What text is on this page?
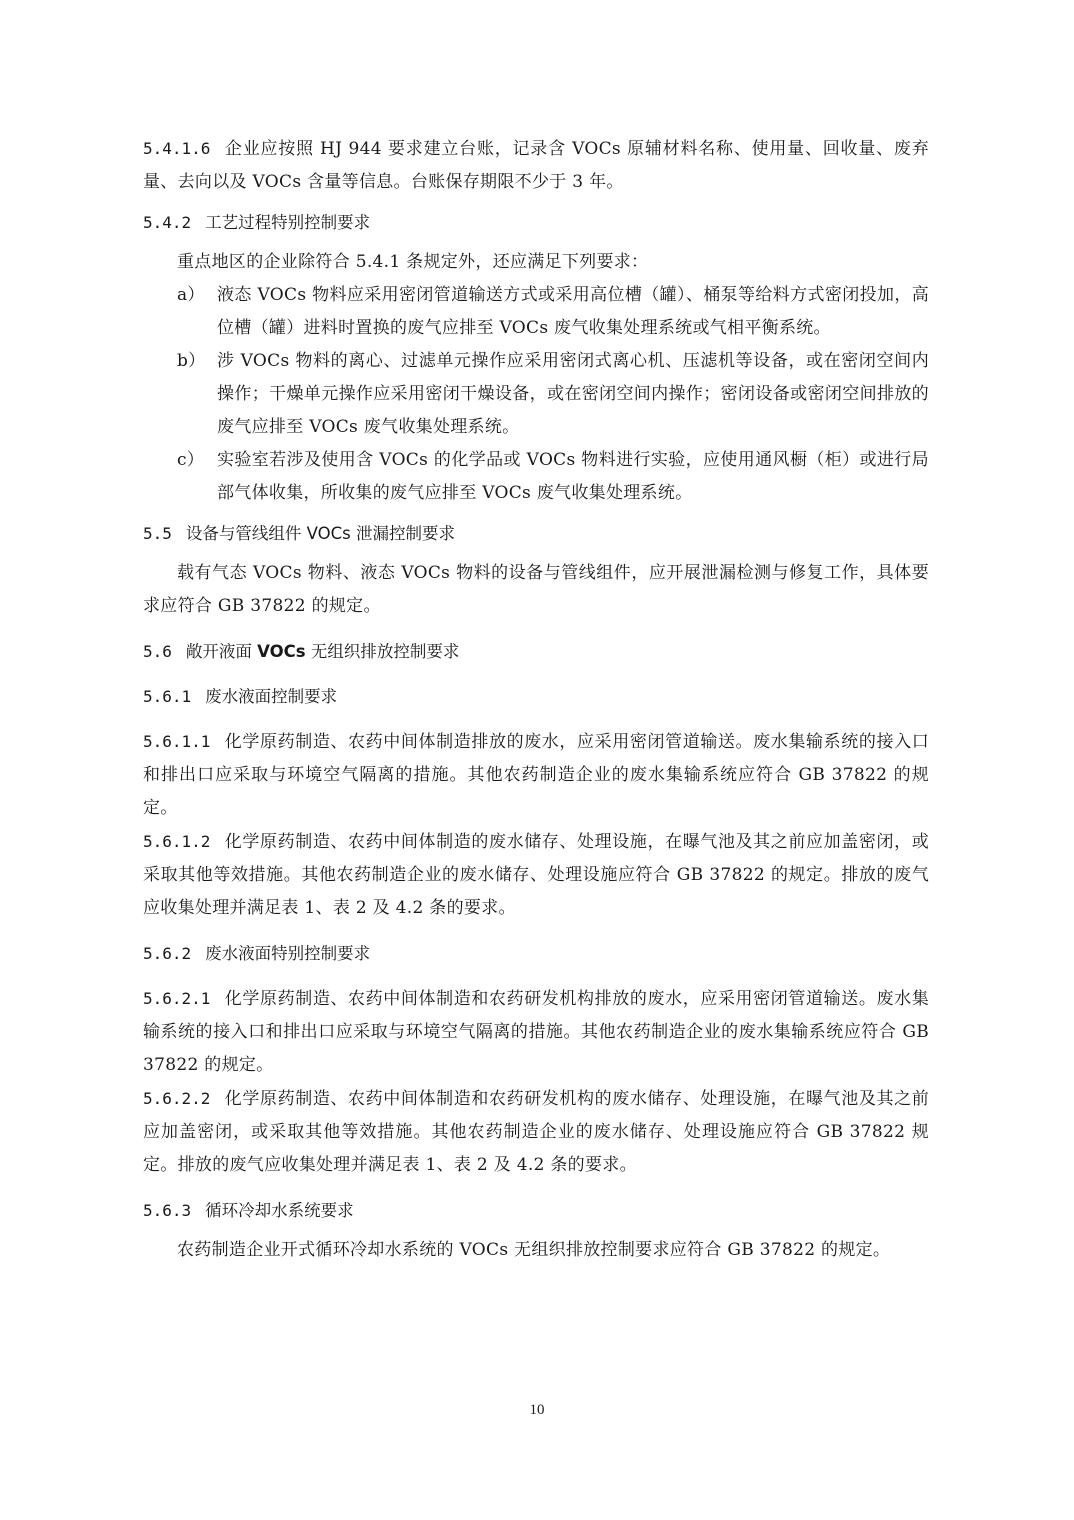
5.4.1.6 企业应按照 HJ 944 要求建立台账，记录含 VOCs 原辅材料名称、使用量、回收量、废弃量、去向以及 VOCs 含量等信息。台账保存期限不少于 3 年。

5.4.2 工艺过程特别控制要求

重点地区的企业除符合 5.4.1 条规定外，还应满足下列要求：

a） 液态 VOCs 物料应采用密闭管道输送方式或采用高位槽（罐）、桶泵等给料方式密闭投加，高位槽（罐）进料时置换的废气应排至 VOCs 废气收集处理系统或气相平衡系统。
b） 涉 VOCs 物料的离心、过滤单元操作应采用密闭式离心机、压滤机等设备，或在密闭空间内操作；干燥单元操作应采用密闭干燥设备，或在密闭空间内操作；密闭设备或密闭空间排放的废气应排至 VOCs 废气收集处理系统。
c） 实验室若涉及使用含 VOCs 的化学品或 VOCs 物料进行实验，应使用通风橱（柜）或进行局部气体收集，所收集的废气应排至 VOCs 废气收集处理系统。

5.5 设备与管线组件 VOCs 泄漏控制要求

载有气态 VOCs 物料、液态 VOCs 物料的设备与管线组件，应开展泄漏检测与修复工作，具体要求应符合 GB 37822 的规定。

5.6 敞开液面 VOCs 无组织排放控制要求

5.6.1 废水液面控制要求

5.6.1.1 化学原药制造、农药中间体制造排放的废水，应采用密闭管道输送。废水集输系统的接入口和排出口应采取与环境空气隔离的措施。其他农药制造企业的废水集输系统应符合 GB 37822 的规定。

5.6.1.2 化学原药制造、农药中间体制造的废水储存、处理设施，在曝气池及其之前应加盖密闭，或采取其他等效措施。其他农药制造企业的废水储存、处理设施应符合 GB 37822 的规定。排放的废气应收集处理并满足表 1、表 2 及 4.2 条的要求。

5.6.2 废水液面特别控制要求

5.6.2.1 化学原药制造、农药中间体制造和农药研发机构排放的废水，应采用密闭管道输送。废水集输系统的接入口和排出口应采取与环境空气隔离的措施。其他农药制造企业的废水集输系统应符合 GB 37822 的规定。

5.6.2.2 化学原药制造、农药中间体制造和农药研发机构的废水储存、处理设施，在曝气池及其之前应加盖密闭，或采取其他等效措施。其他农药制造企业的废水储存、处理设施应符合 GB 37822 规定。排放的废气应收集处理并满足表 1、表 2 及 4.2 条的要求。

5.6.3 循环冷却水系统要求

农药制造企业开式循环冷却水系统的 VOCs 无组织排放控制要求应符合 GB 37822 的规定。

10
